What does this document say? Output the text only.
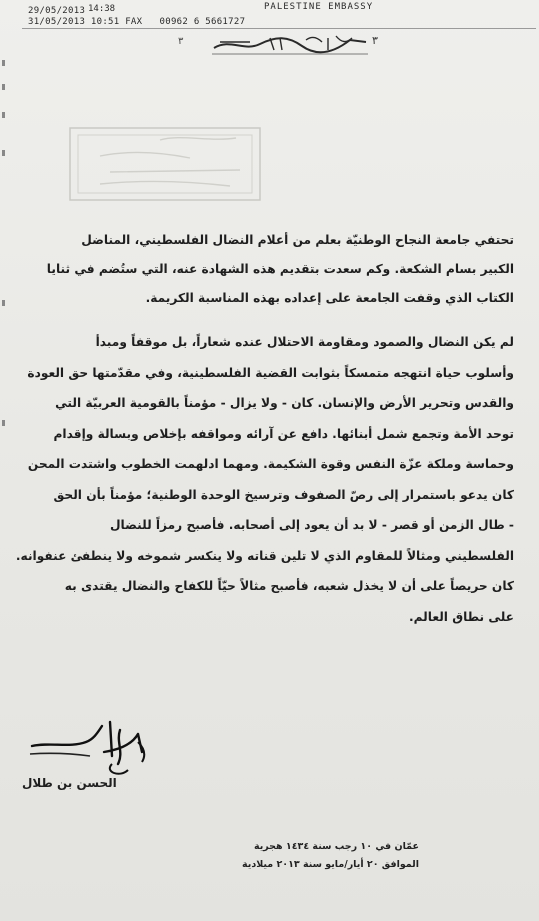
29/05/2013
31/05/2013 10:51 FAX 00962 6 5661727
14:38	PALESTINE EMBASSY
٣	٣
تحتفي جامعة النجاح الوطنيّة بعلم من أعلام النضال الفلسطيني، المناضل
الكبير بسام الشكعة. وكم سعدت بتقديم هذه الشهادة عنه، التي ستُضم في ثنايا
الكتاب الذي وقفت الجامعة على إعداده بهذه المناسبة الكريمة.
لم يكن النضال والصمود ومقاومة الاحتلال عنده شعاراً، بل موقفاً ومبدأ
وأسلوب حياة انتهجه متمسكاً بثوابت القضية الفلسطينية، وفي مقدّمتها حق العودة
والقدس وتحرير الأرض والإنسان. كان - ولا يزال - مؤمناً بالقومية العربيّة التي
توحد الأمة وتجمع شمل أبنائها. دافع عن آرائه ومواقفه بإخلاص وبسالة وإقدام
وحماسة وملكة عزّة النفس وقوة الشكيمة. ومهما ادلهمت الخطوب واشتدت المحن
كان يدعو باستمرار إلى رصّ الصفوف وترسيخ الوحدة الوطنية؛ مؤمناً بأن الحق
- طال الزمن أو قصر - لا بد أن يعود إلى أصحابه. فأصبح رمزاً للنضال
الفلسطيني ومثالاً للمقاوم الذي لا تلين قناته ولا ينكسر شموخه ولا ينطفئ عنفوانه.
كان حريصاً على أن لا يخذل شعبه، فأصبح مثالاً حيّاً للكفاح والنضال يقتدى به
على نطاق العالم.
الحسن بن طلال
عمّان في ١٠ رجب سنة ١٤٣٤ هجرية
الموافق ٢٠ أيار/مايو سنة ٢٠١٣ ميلادية
